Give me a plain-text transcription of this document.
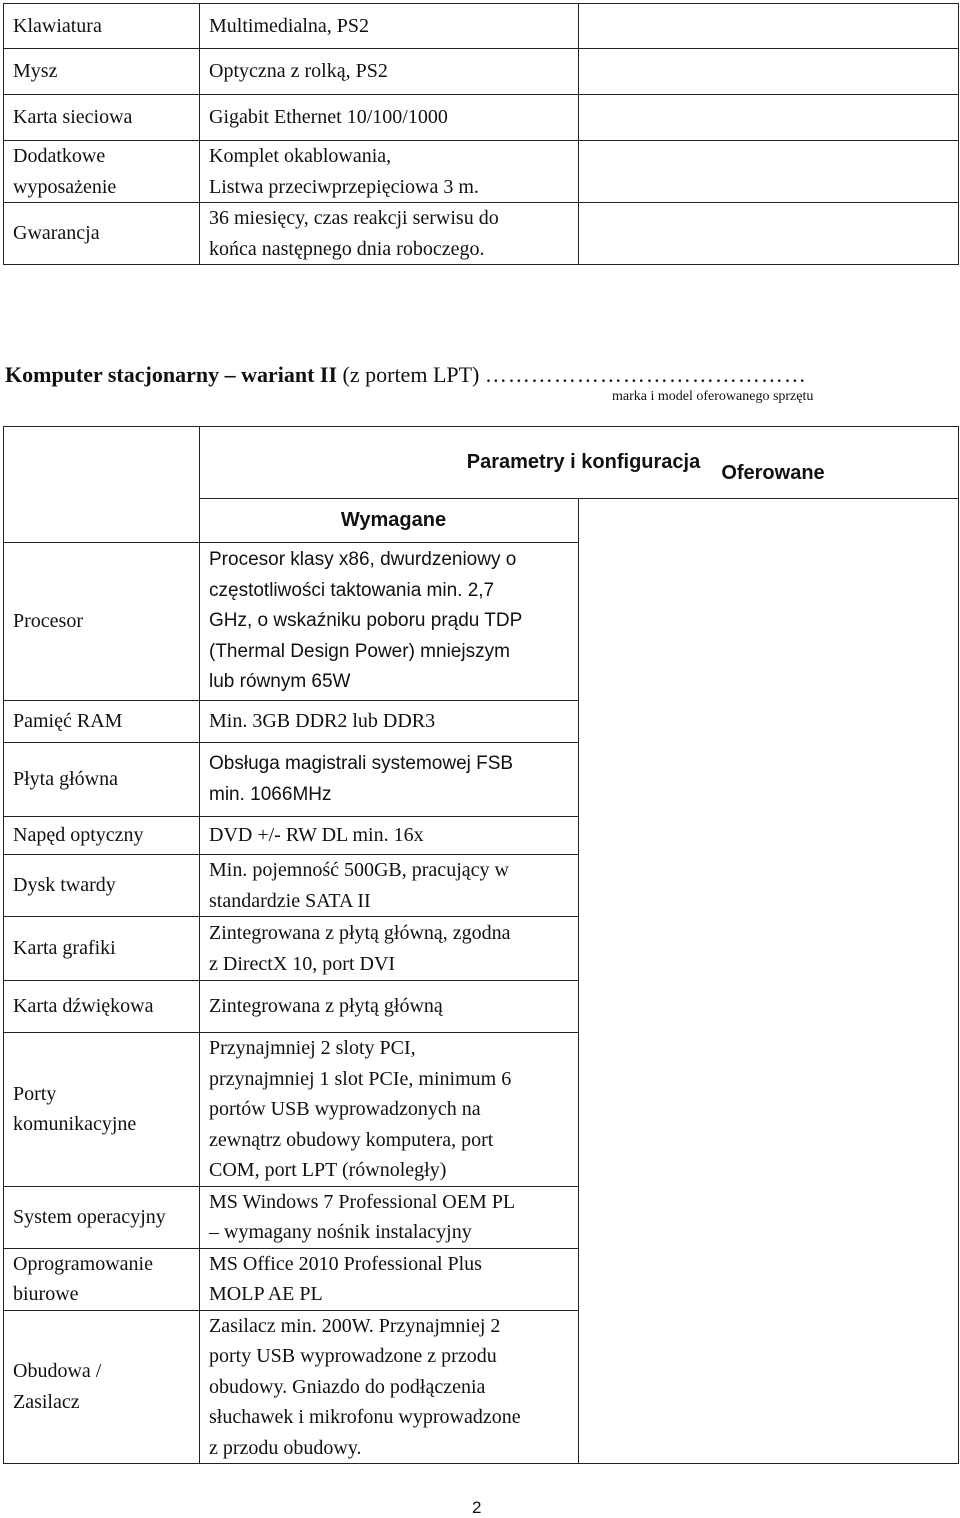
Klawiatura	Multimedialna, PS2	

Mysz	Optyczna z rolką, PS2	

Karta sieciowa	Gigabit Ethernet 10/100/1000	

Dodatkowe
wyposażenie	Komplet okablowania,
Listwa przeciwprzepięciowa 3 m.	

Gwarancja	36 miesięcy, czas reakcji serwisu do
końca następnego dnia roboczego.	

Komputer stacjonarny – wariant II (z portem LPT) ……………………………………
marka i model oferowanego sprzętu
	Parametry i konfiguracja	
	Wymagane	Oferowane

Procesor	Procesor klasy x86, dwurdzeniowy o
częstotliwości taktowania min. 2,7
GHz, o wskaźniku poboru prądu TDP
(Thermal Design Power) mniejszym
lub równym 65W	

Pamięć RAM	Min. 3GB DDR2 lub DDR3	

Płyta główna	Obsługa magistrali systemowej FSB
min. 1066MHz	

Napęd optyczny	DVD +/- RW DL min. 16x	

Dysk twardy	Min. pojemność 500GB, pracujący w
standardzie SATA II	

Karta grafiki	Zintegrowana z płytą główną, zgodna
z DirectX 10, port DVI	

Karta dźwiękowa	Zintegrowana z płytą główną	

Porty
komunikacyjne	Przynajmniej 2 sloty PCI,
przynajmniej 1 slot PCIe, minimum 6
portów USB wyprowadzonych na
zewnątrz obudowy komputera, port
COM, port LPT (równoległy)	

System operacyjny	MS Windows 7 Professional OEM PL
– wymagany nośnik instalacyjny	

Oprogramowanie
biurowe	MS Office 2010 Professional Plus
MOLP AE PL	

Obudowa /
Zasilacz	Zasilacz min. 200W. Przynajmniej 2
porty USB wyprowadzone z przodu
obudowy. Gniazdo do podłączenia
słuchawek i mikrofonu wyprowadzone
z przodu obudowy.	
2
